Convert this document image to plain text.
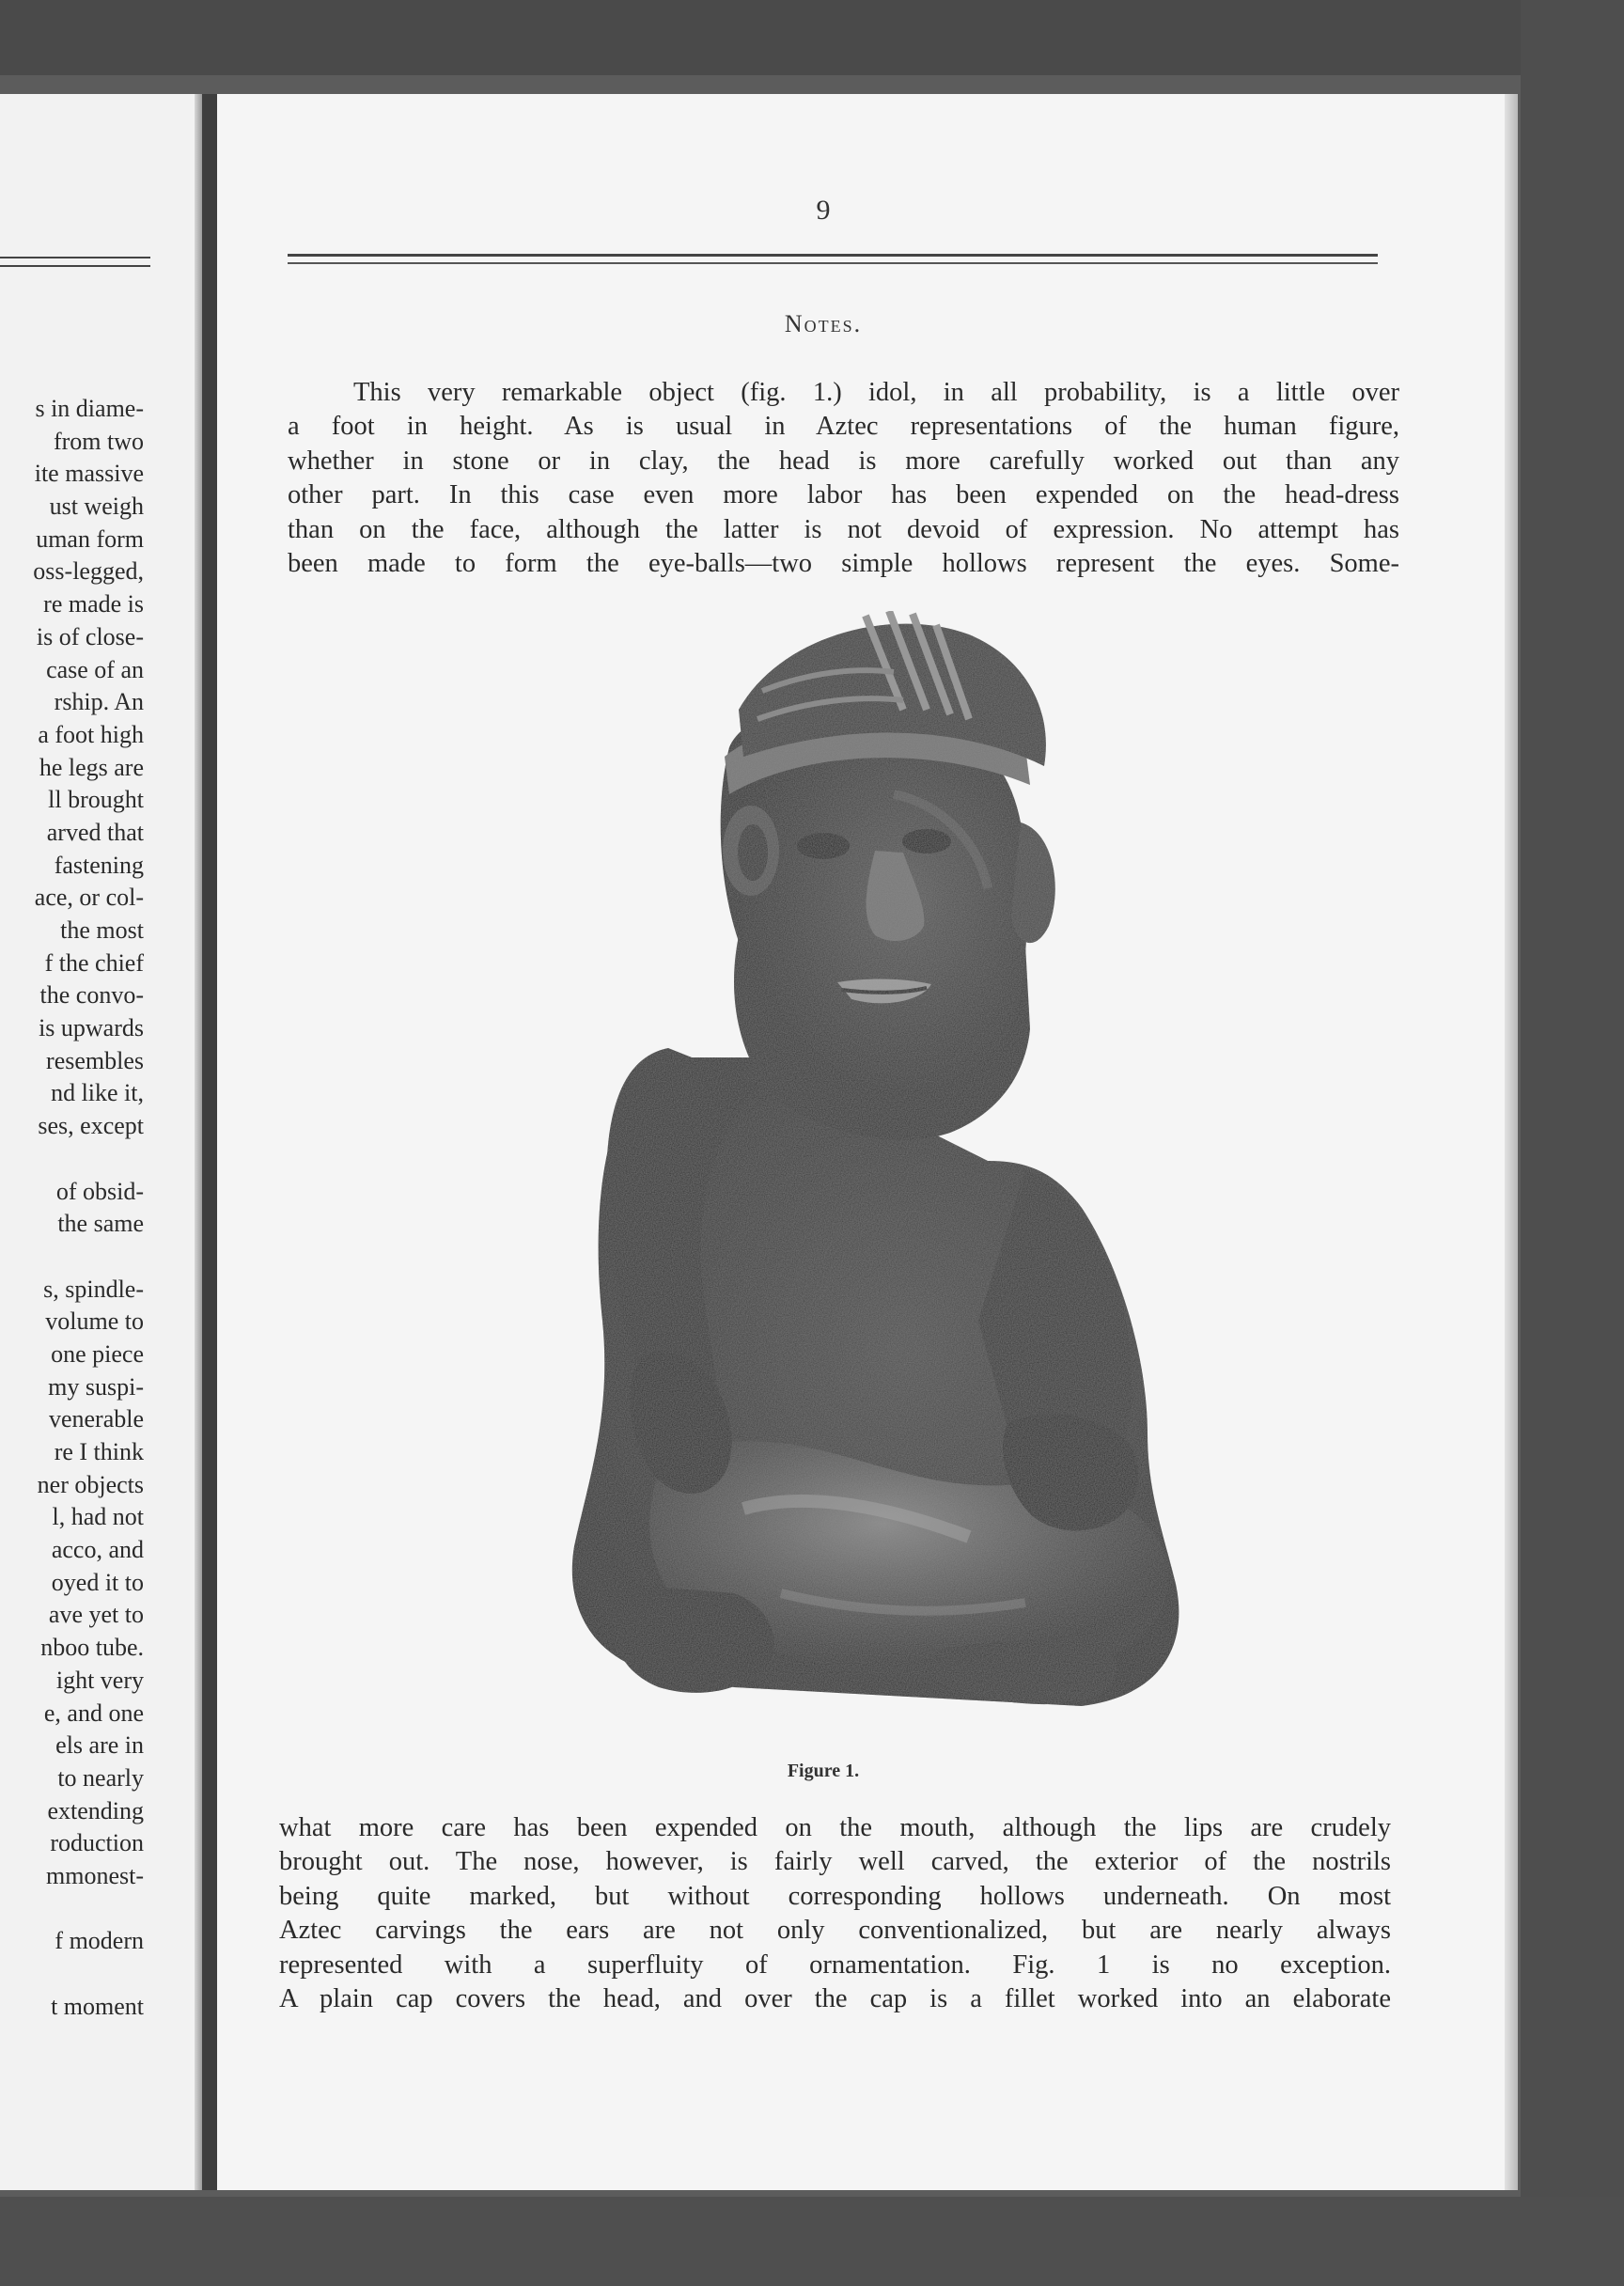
s in diame-
from two
ite massive
ust weigh
uman form
oss-legged,
re made is
is of close-
case of an
rship. An
a foot high
he legs are
ll brought
arved that
fastening
ace, or col-
the most
f the chief
the convo-
is upwards
resembles
nd like it,
ses, except
of obsid-
the same
s, spindle-
volume to
one piece
my suspi-
venerable
re I think
ner objects
l, had not
acco, and
oyed it to
ave yet to
nboo tube.
ight very
e, and one
els are in
to nearly
extending
roduction
mmonest-
f modern
t moment
9
Notes.
This very remarkable object (fig. 1.) idol, in all probability, is a little over
a foot in height. As is usual in Aztec representations of the human figure,
whether in stone or in clay, the head is more carefully worked out than any
other part. In this case even more labor has been expended on the head-dress
than on the face, although the latter is not devoid of expression. No attempt has
been made to form the eye-balls—two simple hollows represent the eyes. Some-
Figure 1.
what more care has been expended on the mouth, although the lips are crudely
brought out. The nose, however, is fairly well carved, the exterior of the nostrils
being quite marked, but without corresponding hollows underneath. On most
Aztec carvings the ears are not only conventionalized, but are nearly always
represented with a superfluity of ornamentation. Fig. 1 is no exception.
A plain cap covers the head, and over the cap is a fillet worked into an elaborate
